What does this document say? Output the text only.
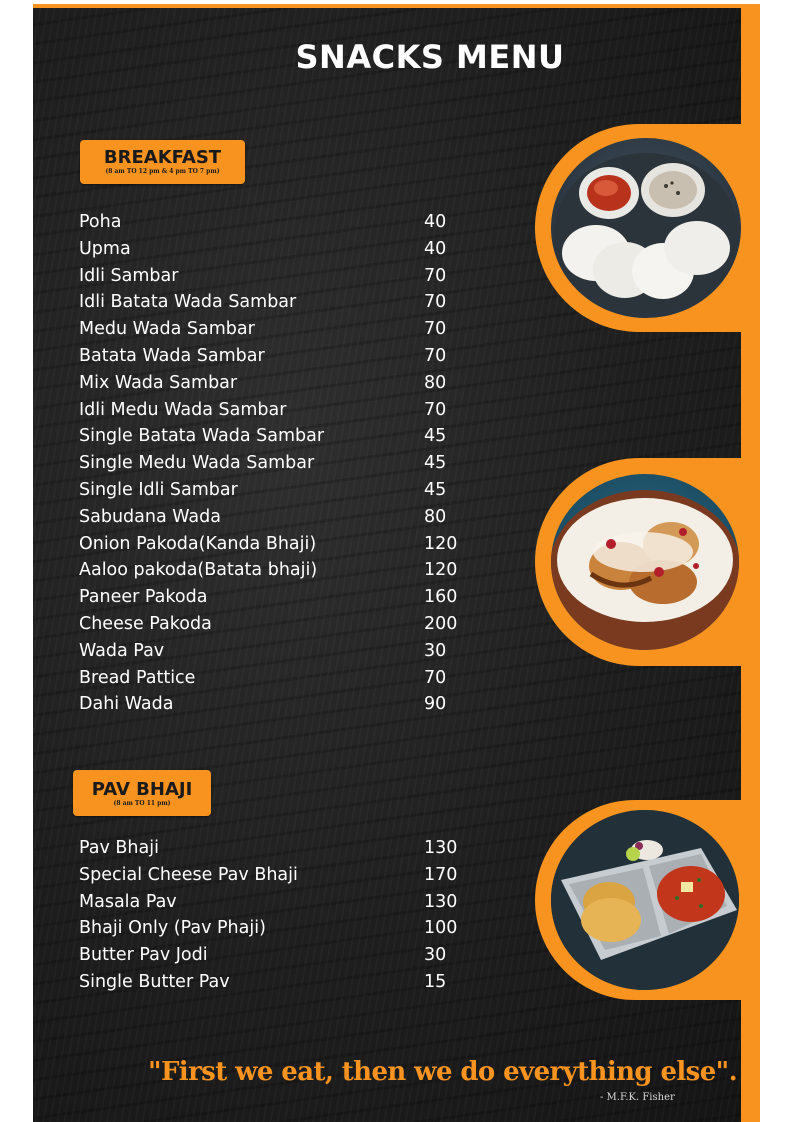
SNACKS MENU
BREAKFAST
(8 am TO 12 pm & 4 pm TO 7 pm)
Poha	40
Upma	40
Idli Sambar	70
Idli Batata Wada Sambar	70
Medu Wada Sambar	70
Batata Wada Sambar	70
Mix Wada Sambar	80
Idli Medu Wada Sambar	70
Single Batata Wada Sambar	45
Single Medu Wada Sambar	45
Single Idli Sambar	45
Sabudana Wada	80
Onion Pakoda(Kanda Bhaji)	120
Aaloo pakoda(Batata bhaji)	120
Paneer Pakoda	160
Cheese Pakoda	200
Wada Pav	30
Bread Pattice	70
Dahi Wada	90
PAV BHAJI
(8 am TO 11 pm)
Pav Bhaji	130
Special Cheese Pav Bhaji	170
Masala Pav	130
Bhaji Only (Pav Phaji)	100
Butter Pav Jodi	30
Single Butter Pav	15

"First we eat, then we do everything else".

- M.F.K. Fisher
